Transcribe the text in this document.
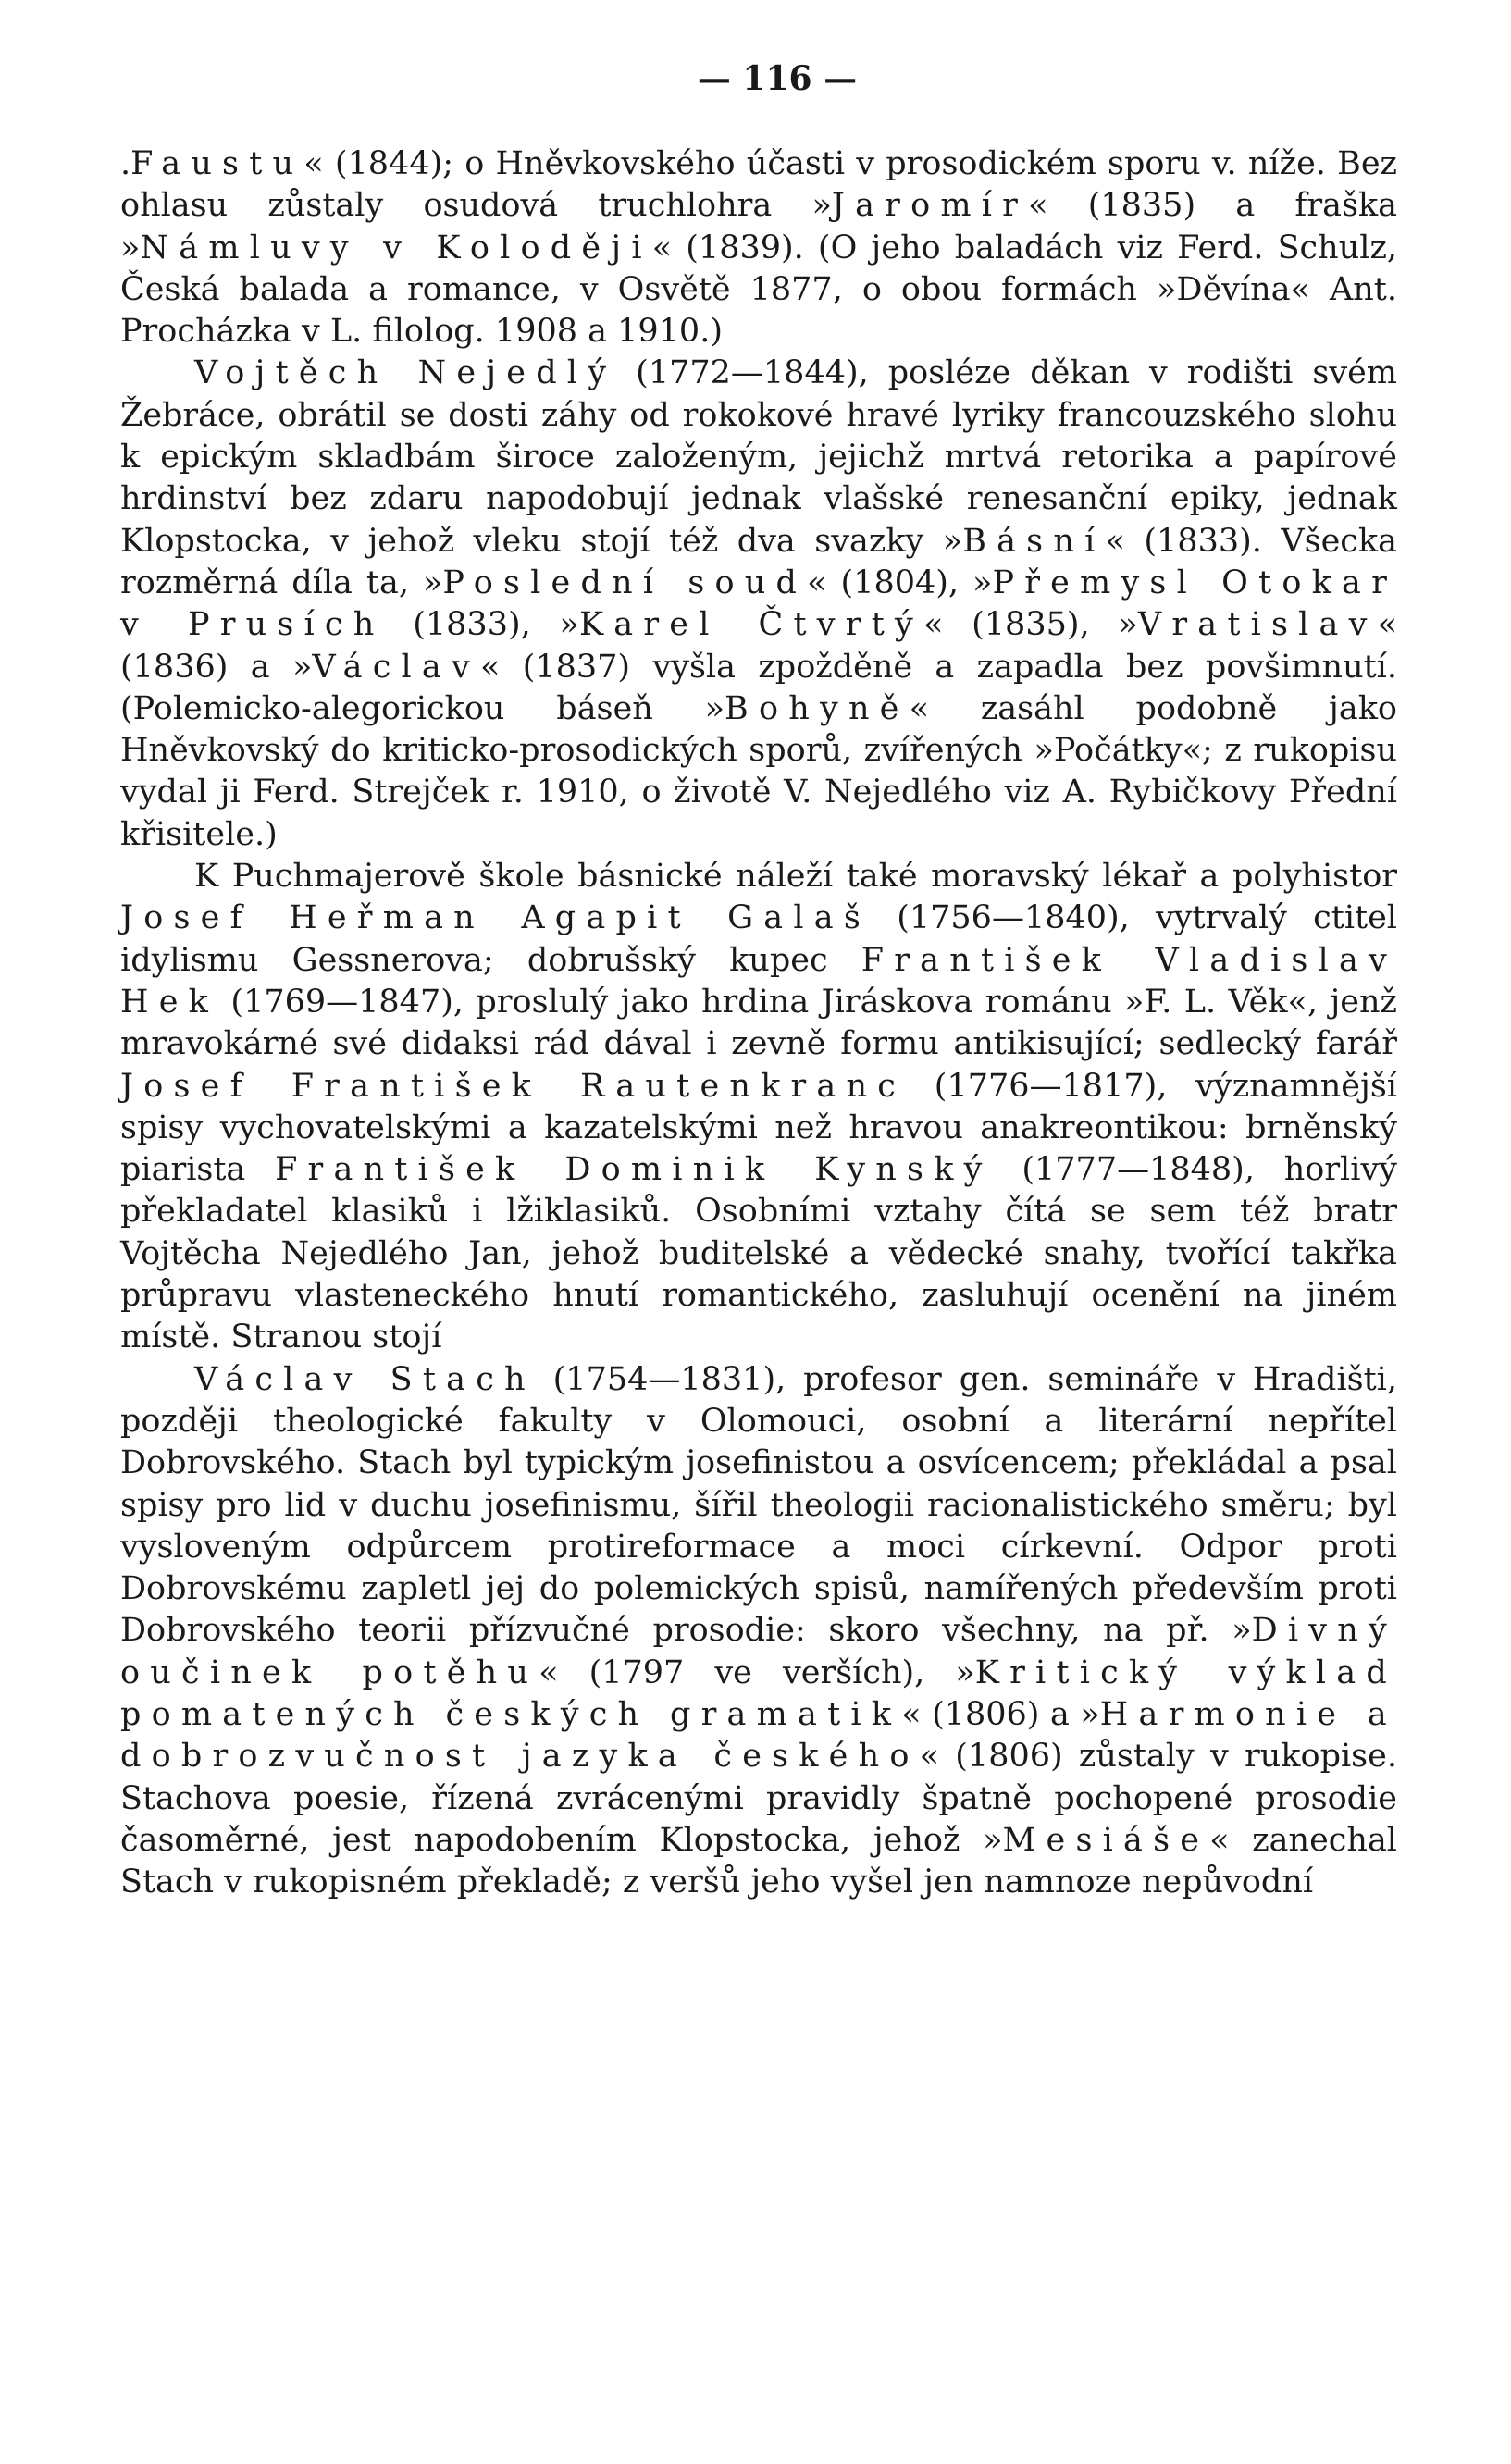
— 116 —

.Faustu« (1844); o Hněvkovského účasti v prosodickém sporu v. níže. Bez ohlasu zůstaly osudová truchlohra »Jaromír« (1835) a fraška »Námluvy v Koloději« (1839). (O jeho baladách viz Ferd. Schulz, Česká balada a romance, v Osvětě 1877, o obou formách »Děvína« Ant. Procházka v L. filolog. 1908 a 1910.)

Vojtěch Nejedlý (1772—1844), posléze děkan v rodišti svém Žebráce, obrátil se dosti záhy od rokokové hravé lyriky francouzského slohu k epickým skladbám široce založeným, jejichž mrtvá retorika a papírové hrdinství bez zdaru napodobují jednak vlašské renesanční epiky, jednak Klopstocka, v jehož vleku stojí též dva svazky »Básní« (1833). Všecka rozměrná díla ta, »Poslední soud« (1804), »Přemysl Otokar v Prusích (1833), »Karel Čtvrtý« (1835), »Vratislav« (1836) a »Václav« (1837) vyšla zpožděně a zapadla bez povšimnutí. (Polemicko-alegorickou báseň »Bohyně« zasáhl podobně jako Hněvkovský do kriticko-prosodických sporů, zvířených »Počátky«; z rukopisu vydal ji Ferd. Strejček r. 1910, o životě V. Nejedlého viz A. Rybičkovy Přední křisitele.)

K Puchmajerově škole básnické náleží také moravský lékař a polyhistor Josef Heřman Agapit Galaš (1756—1840), vytrvalý ctitel idylismu Gessnerova; dobrušský kupec František Vladislav Hek (1769—1847), proslulý jako hrdina Jiráskova románu »F. L. Věk«, jenž mravokárné své didaksi rád dával i zevně formu antikisující; sedlecký farář Josef František Rautenkranc (1776—1817), významnější spisy vychovatelskými a kazatelskými než hravou anakreontikou: brněnský piarista František Dominik Kynský (1777—1848), horlivý překladatel klasiků i lžiklasiků. Osobními vztahy čítá se sem též bratr Vojtěcha Nejedlého Jan, jehož buditelské a vědecké snahy, tvořící takřka průpravu vlasteneckého hnutí romantického, zasluhují ocenění na jiném místě. Stranou stojí

Václav Stach (1754—1831), profesor gen. semináře v Hradišti, později theologické fakulty v Olomouci, osobní a literární nepřítel Dobrovského. Stach byl typickým josefinistou a osvícencem; překládal a psal spisy pro lid v duchu josefinismu, šířil theologii racionalistického směru; byl vysloveným odpůrcem protireformace a moci církevní. Odpor proti Dobrovskému zapletl jej do polemických spisů, namířených především proti Dobrovského teorii přízvučné prosodie: skoro všechny, na př. »Divný oučinek potěhu« (1797 ve verších), »Kritický výklad pomatených českých gramatik« (1806) a »Harmonie a dobrozvučnost jazyka českého« (1806) zůstaly v rukopise. Stachova poesie, řízená zvrácenými pravidly špatně pochopené prosodie časoměrné, jest napodobením Klopstocka, jehož »Mesiáše« zanechal Stach v rukopisném překladě; z veršů jeho vyšel jen namnoze nepůvodní
